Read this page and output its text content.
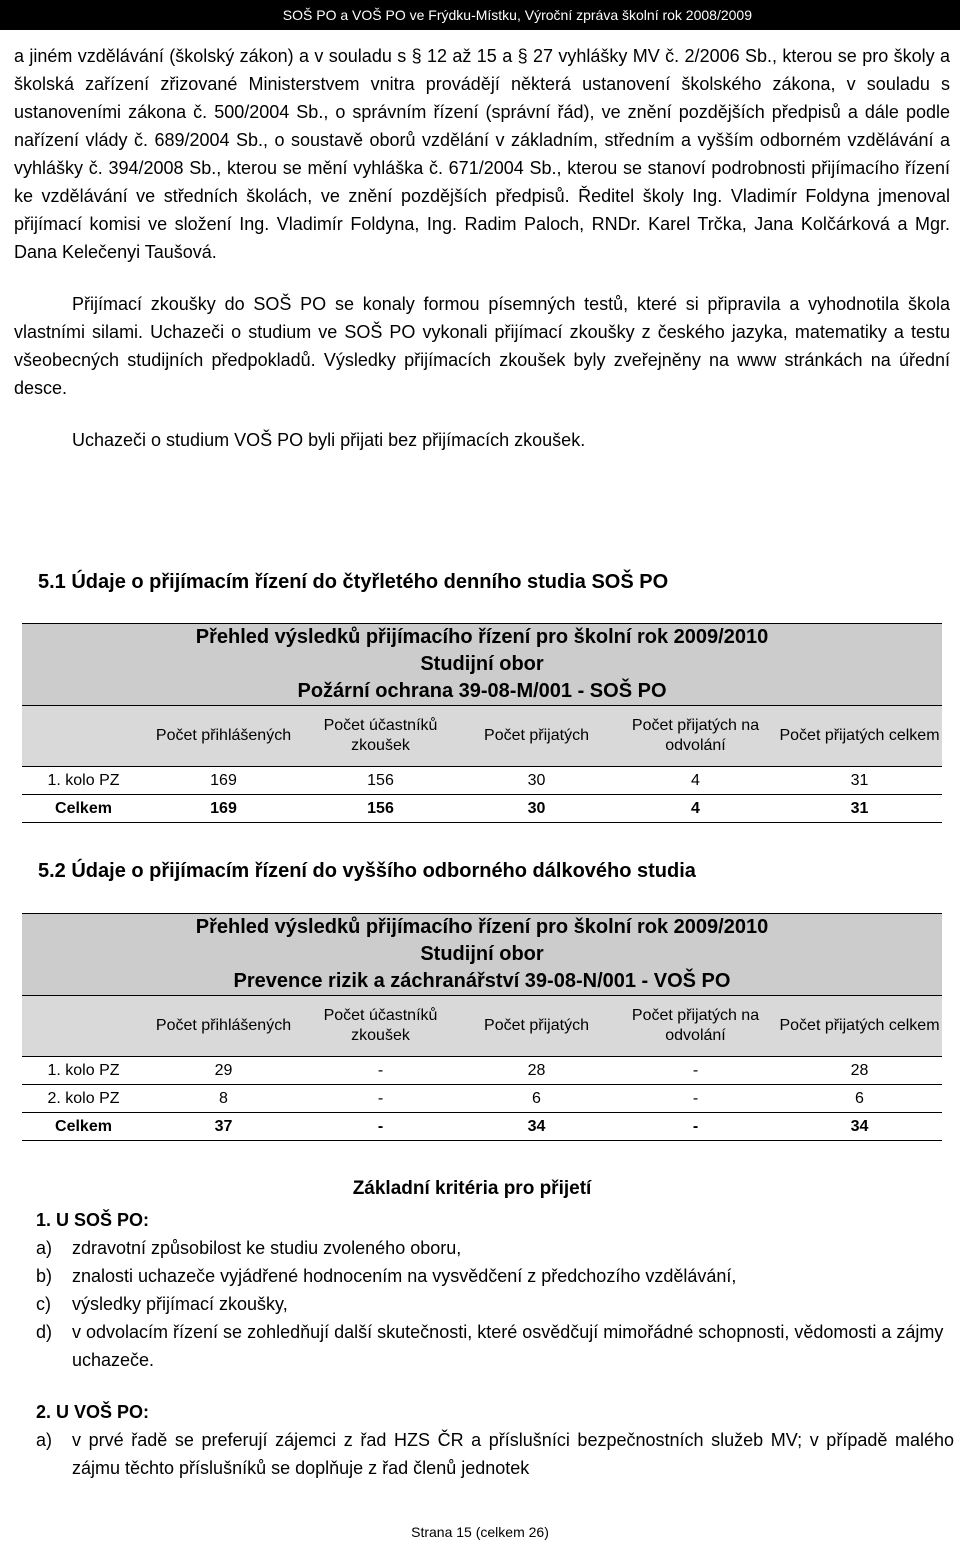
SOŠ PO a VOŠ PO ve Frýdku-Místku, Výroční zpráva školní rok 2008/2009

a jiném vzdělávání (školský zákon) a v souladu s § 12 až 15 a § 27 vyhlášky MV č. 2/2006 Sb., kterou se pro školy a školská zařízení zřizované Ministerstvem vnitra provádějí některá ustanovení školského zákona, v souladu s ustanoveními zákona č. 500/2004 Sb., o správním řízení (správní řád), ve znění pozdějších předpisů a dále podle nařízení vlády č. 689/2004 Sb., o soustavě oborů vzdělání v základním, středním a vyšším odborném vzdělávání a vyhlášky č. 394/2008 Sb., kterou se mění vyhláška č. 671/2004 Sb., kterou se stanoví podrobnosti přijímacího řízení ke vzdělávání ve středních školách, ve znění pozdějších předpisů. Ředitel školy Ing. Vladimír Foldyna jmenoval přijímací komisi ve složení Ing. Vladimír Foldyna, Ing. Radim Paloch, RNDr. Karel Trčka, Jana Kolčárková a Mgr. Dana Kelečenyi Taušová.

Přijímací zkoušky do SOŠ PO se konaly formou písemných testů, které si připravila a vyhodnotila škola vlastními silami. Uchazeči o studium ve SOŠ PO vykonali přijímací zkoušky z českého jazyka, matematiky a testu všeobecných studijních předpokladů. Výsledky přijímacích zkoušek byly zveřejněny na www stránkách na úřední desce.

Uchazeči o studium VOŠ PO byli přijati bez přijímacích zkoušek.

5.1 Údaje o přijímacím řízení do čtyřletého denního studia SOŠ PO
Přehled výsledků přijímacího řízení pro školní rok 2009/2010					
Studijní obor					
Požární ochrana 39-08-M/001 - SOŠ PO					
	Počet přihlášených	Počet účastníků zkoušek	Počet přijatých	Počet přijatých na odvolání	Počet přijatých celkem
1. kolo PZ	169	156	30	4	31
Celkem	169	156	30	4	31
5.2 Údaje o přijímacím řízení do vyššího odborného dálkového studia
Přehled výsledků přijímacího řízení pro školní rok 2009/2010					
Studijní obor					
Prevence rizik a záchranářství 39-08-N/001 - VOŠ PO					
	Počet přihlášených	Počet účastníků zkoušek	Počet přijatých	Počet přijatých na odvolání	Počet přijatých celkem
1. kolo PZ	29	-	28	-	28
2. kolo PZ	8	-	6	-	6
Celkem	37	-	34	-	34
Základní kritéria pro přijetí
1. U SOŠ PO:
a)	zdravotní způsobilost ke studiu zvoleného oboru,
b)	znalosti uchazeče vyjádřené hodnocením na vysvědčení z předchozího vzdělávání,
c)	výsledky přijímací zkoušky,
d)	v odvolacím řízení se zohledňují další skutečnosti, které osvědčují mimořádné schopnosti, vědomosti a zájmy uchazeče.
2. U VOŠ PO:
a)	v prvé řadě se preferují zájemci z řad HZS ČR a příslušníci bezpečnostních služeb MV; v případě malého zájmu těchto příslušníků se doplňuje z řad členů jednotek
Strana 15 (celkem 26)
